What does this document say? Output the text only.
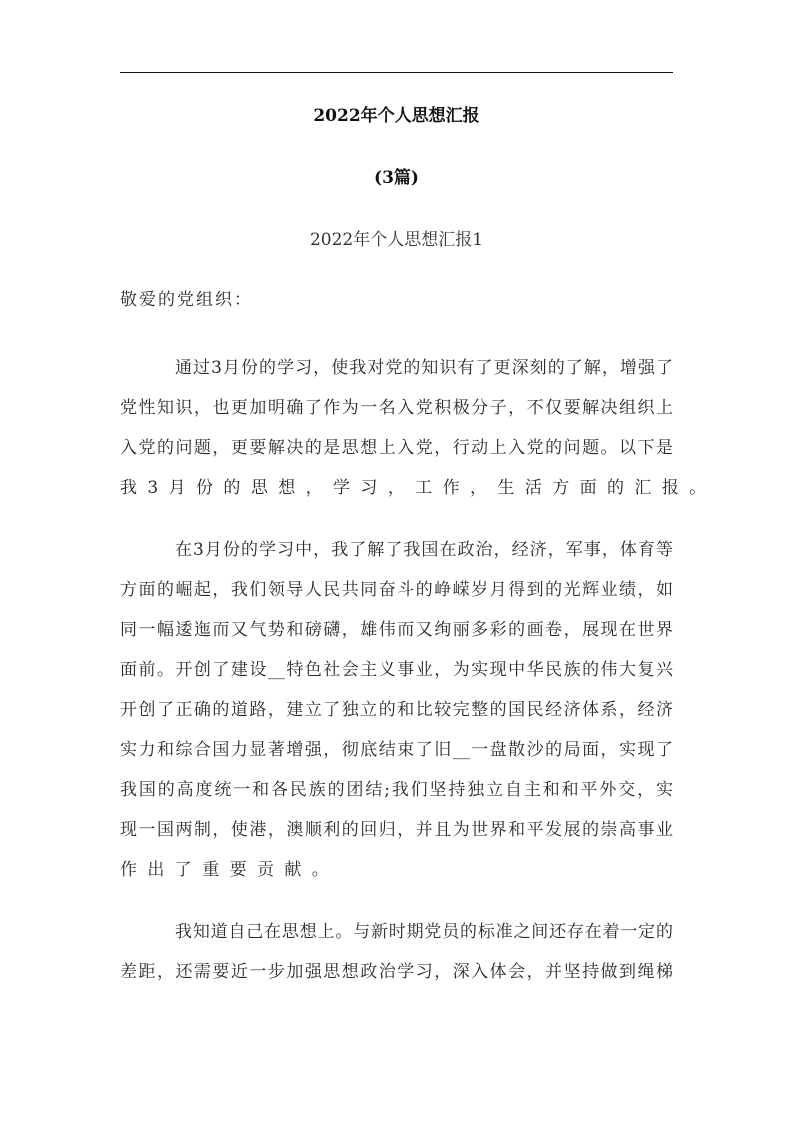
2022年个人思想汇报
(3篇)
2022年个人思想汇报1
敬爱的党组织：
通过3月份的学习，使我对党的知识有了更深刻的了解，增强了
党性知识，也更加明确了作为一名入党积极分子，不仅要解决组织上
入党的问题，更要解决的是思想上入党，行动上入党的问题。以下是
我3月份的思想，学习，工作，生活方面的汇报。
在3月份的学习中，我了解了我国在政治，经济，军事，体育等
方面的崛起，我们领导人民共同奋斗的峥嵘岁月得到的光辉业绩，如
同一幅逶迤而又气势和磅礴，雄伟而又绚丽多彩的画卷，展现在世界
面前。开创了建设__特色社会主义事业，为实现中华民族的伟大复兴
开创了正确的道路，建立了独立的和比较完整的国民经济体系，经济
实力和综合国力显著增强，彻底结束了旧__一盘散沙的局面，实现了
我国的高度统一和各民族的团结;我们坚持独立自主和和平外交，实
现一国两制，使港，澳顺利的回归，并且为世界和平发展的崇高事业
作出了重要贡献。
我知道自己在思想上。与新时期党员的标准之间还存在着一定的
差距，还需要近一步加强思想政治学习，深入体会，并坚持做到绳梯
